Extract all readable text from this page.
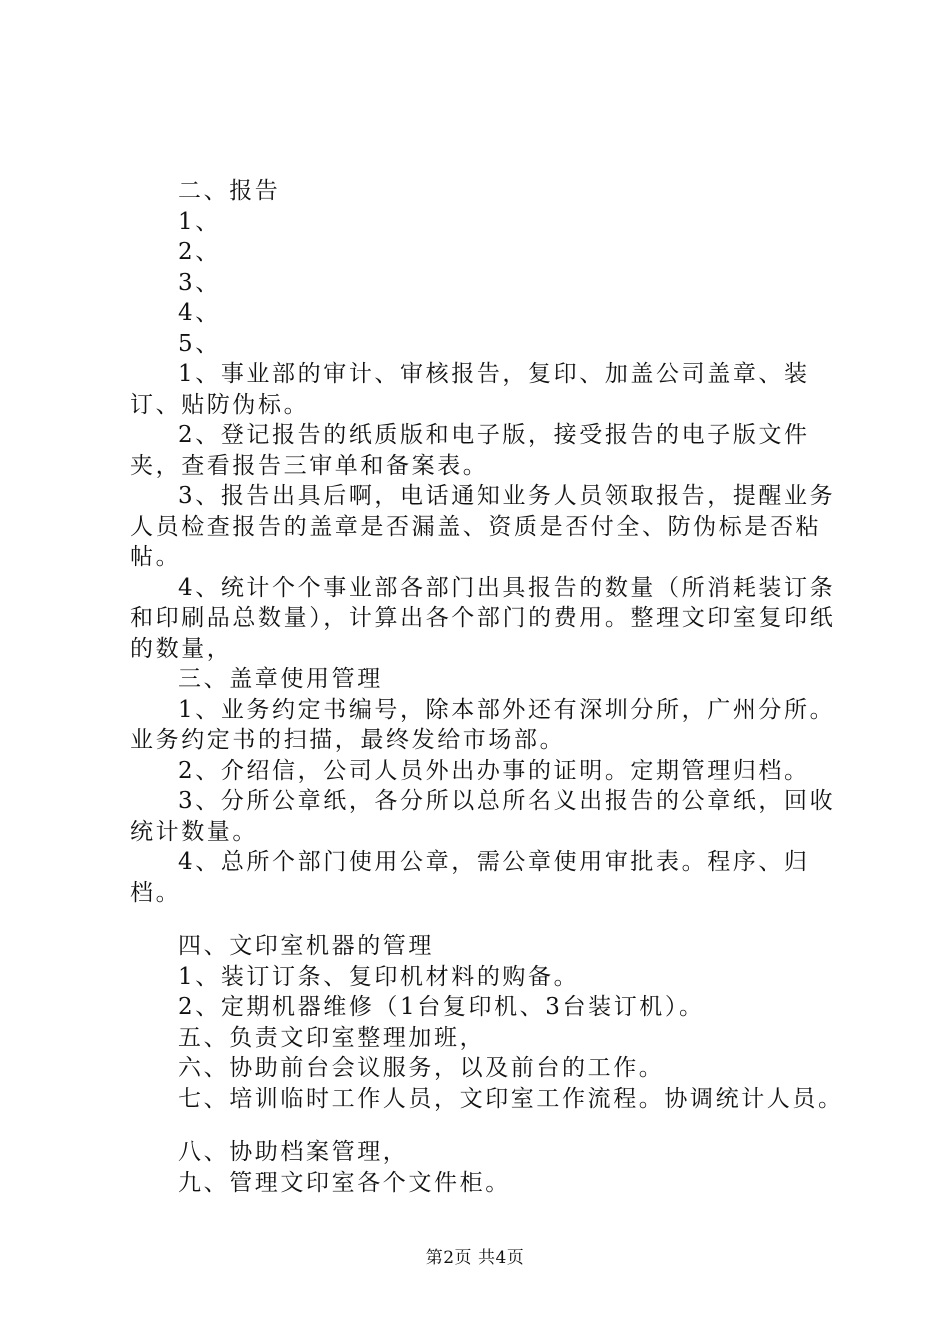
二、报告

1、

2、

3、

4、

5、

1、事业部的审计、审核报告，复印、加盖公司盖章、装订、贴防伪标。

2、登记报告的纸质版和电子版，接受报告的电子版文件夹，查看报告三审单和备案表。

3、报告出具后啊，电话通知业务人员领取报告，提醒业务人员检查报告的盖章是否漏盖、资质是否付全、防伪标是否粘帖。

4、统计个个事业部各部门出具报告的数量（所消耗装订条和印刷品总数量），计算出各个部门的费用。整理文印室复印纸的数量，

三、盖章使用管理

1、业务约定书编号，除本部外还有深圳分所，广州分所。业务约定书的扫描，最终发给市场部。

2、介绍信，公司人员外出办事的证明。定期管理归档。

3、分所公章纸，各分所以总所名义出报告的公章纸，回收统计数量。

4、总所个部门使用公章，需公章使用审批表。程序、归档。

四、文印室机器的管理

1、装订订条、复印机材料的购备。

2、定期机器维修（1台复印机、3台装订机）。

五、负责文印室整理加班，

六、协助前台会议服务，以及前台的工作。

七、培训临时工作人员，文印室工作流程。协调统计人员。

八、协助档案管理，

九、管理文印室各个文件柜。

第2页 共4页
